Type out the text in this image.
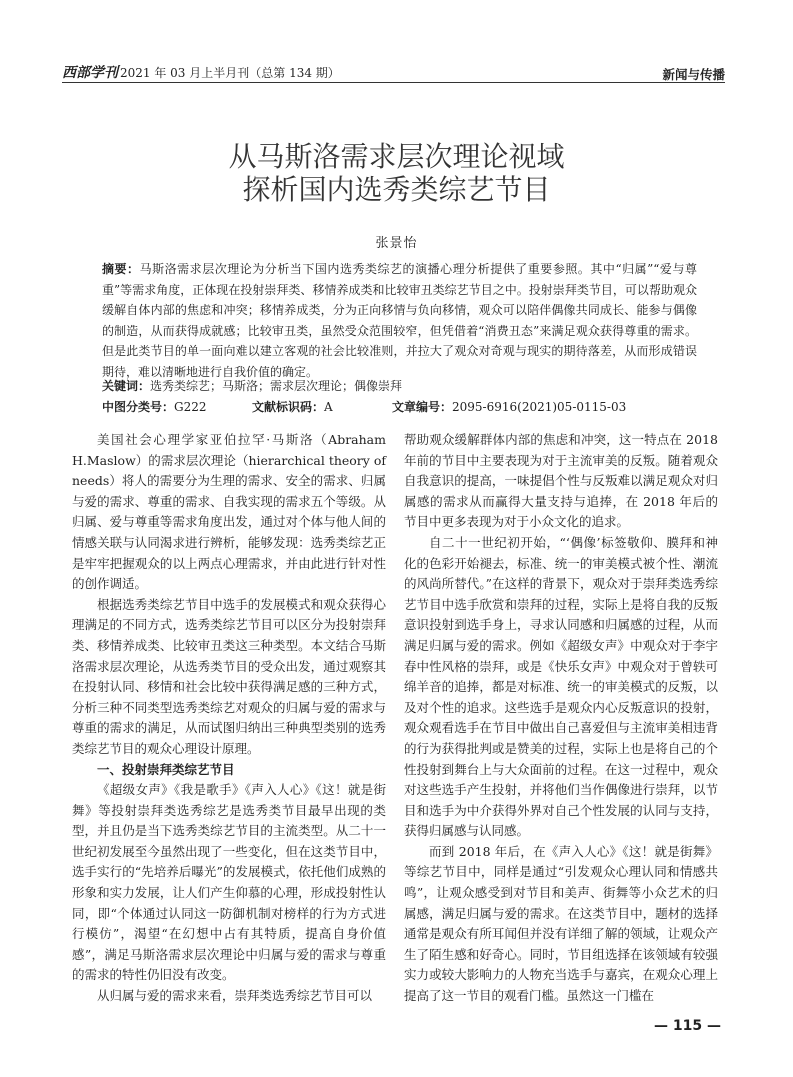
西部学刊 2021 年 03 月上半月刊（总第 134 期）	新闻与传播
从马斯洛需求层次理论视域
探析国内选秀类综艺节目
张景怡
摘要：马斯洛需求层次理论为分析当下国内选秀类综艺的演播心理分析提供了重要参照。其中“归属”“爱与尊重”等需求角度，正体现在投射崇拜类、移情养成类和比较审丑类综艺节目之中。投射崇拜类节目，可以帮助观众缓解自体内部的焦虑和冲突；移情养成类，分为正向移情与负向移情，观众可以陪伴偶像共同成长、能参与偶像的制造，从而获得成就感；比较审丑类，虽然受众范围较窄，但凭借着“消费丑态”来满足观众获得尊重的需求。但是此类节目的单一面向难以建立客观的社会比较准则，并拉大了观众对奇观与现实的期待落差，从而形成错误期待，难以清晰地进行自我价值的确定。
关键词：选秀类综艺；马斯洛；需求层次理论；偶像崇拜
中图分类号：G222	文献标识码：A	文章编号：2095-6916(2021)05-0115-03

美国社会心理学家亚伯拉罕·马斯洛（Abraham H.Maslow）的需求层次理论（hierarchical theory of needs）将人的需要分为生理的需求、安全的需求、归属与爱的需求、尊重的需求、自我实现的需求五个等级。从归属、爱与尊重等需求角度出发，通过对个体与他人间的情感关联与认同渴求进行辨析，能够发现：选秀类综艺正是牢牢把握观众的以上两点心理需求，并由此进行针对性的创作调适。

根据选秀类综艺节目中选手的发展模式和观众获得心理满足的不同方式，选秀类综艺节目可以区分为投射崇拜类、移情养成类、比较审丑类这三种类型。本文结合马斯洛需求层次理论，从选秀类节目的受众出发，通过观察其在投射认同、移情和社会比较中获得满足感的三种方式，分析三种不同类型选秀类综艺对观众的归属与爱的需求与尊重的需求的满足，从而试图归纳出三种典型类别的选秀类综艺节目的观众心理设计原理。

一、投射崇拜类综艺节目

《超级女声》《我是歌手》《声入人心》《这！就是街舞》等投射崇拜类选秀综艺是选秀类节目最早出现的类型，并且仍是当下选秀类综艺节目的主流类型。从二十一世纪初发展至今虽然出现了一些变化，但在这类节目中，选手实行的“先培养后曝光”的发展模式，依托他们成熟的形象和实力发展，让人们产生仰慕的心理，形成投射性认同，即“个体通过认同这一防御机制对榜样的行为方式进行模仿”，渴望“在幻想中占有其特质，提高自身价值感”，满足马斯洛需求层次理论中归属与爱的需求与尊重的需求的特性仍旧没有改变。

从归属与爱的需求来看，崇拜类选秀综艺节目可以

帮助观众缓解群体内部的焦虑和冲突，这一特点在 2018 年前的节目中主要表现为对于主流审美的反叛。随着观众自我意识的提高，一味提倡个性与反叛难以满足观众对归属感的需求从而赢得大量支持与追捧，在 2018 年后的节目中更多表现为对于小众文化的追求。

自二十一世纪初开始，“‘偶像’标签敬仰、膜拜和神化的色彩开始褪去，标准、统一的审美模式被个性、潮流的风尚所替代。”在这样的背景下，观众对于崇拜类选秀综艺节目中选手欣赏和崇拜的过程，实际上是将自我的反叛意识投射到选手身上，寻求认同感和归属感的过程，从而满足归属与爱的需求。例如《超级女声》中观众对于李宇春中性风格的崇拜，或是《快乐女声》中观众对于曾轶可绵羊音的追捧，都是对标准、统一的审美模式的反叛，以及对个性的追求。这些选手是观众内心反叛意识的投射，观众观看选手在节目中做出自己喜爱但与主流审美相违背的行为获得批判或是赞美的过程，实际上也是将自己的个性投射到舞台上与大众面前的过程。在这一过程中，观众对这些选手产生投射，并将他们当作偶像进行崇拜，以节目和选手为中介获得外界对自己个性发展的认同与支持，获得归属感与认同感。

而到 2018 年后，在《声入人心》《这！就是街舞》等综艺节目中，同样是通过“引发观众心理认同和情感共鸣”，让观众感受到对节目和美声、街舞等小众艺术的归属感，满足归属与爱的需求。在这类节目中，题材的选择通常是观众有所耳闻但并没有详细了解的领域，让观众产生了陌生感和好奇心。同时，节目组选择在该领域有较强实力或较大影响力的人物充当选手与嘉宾，在观众心理上提高了这一节目的观看门槛。虽然这一门槛在

— 115 —
